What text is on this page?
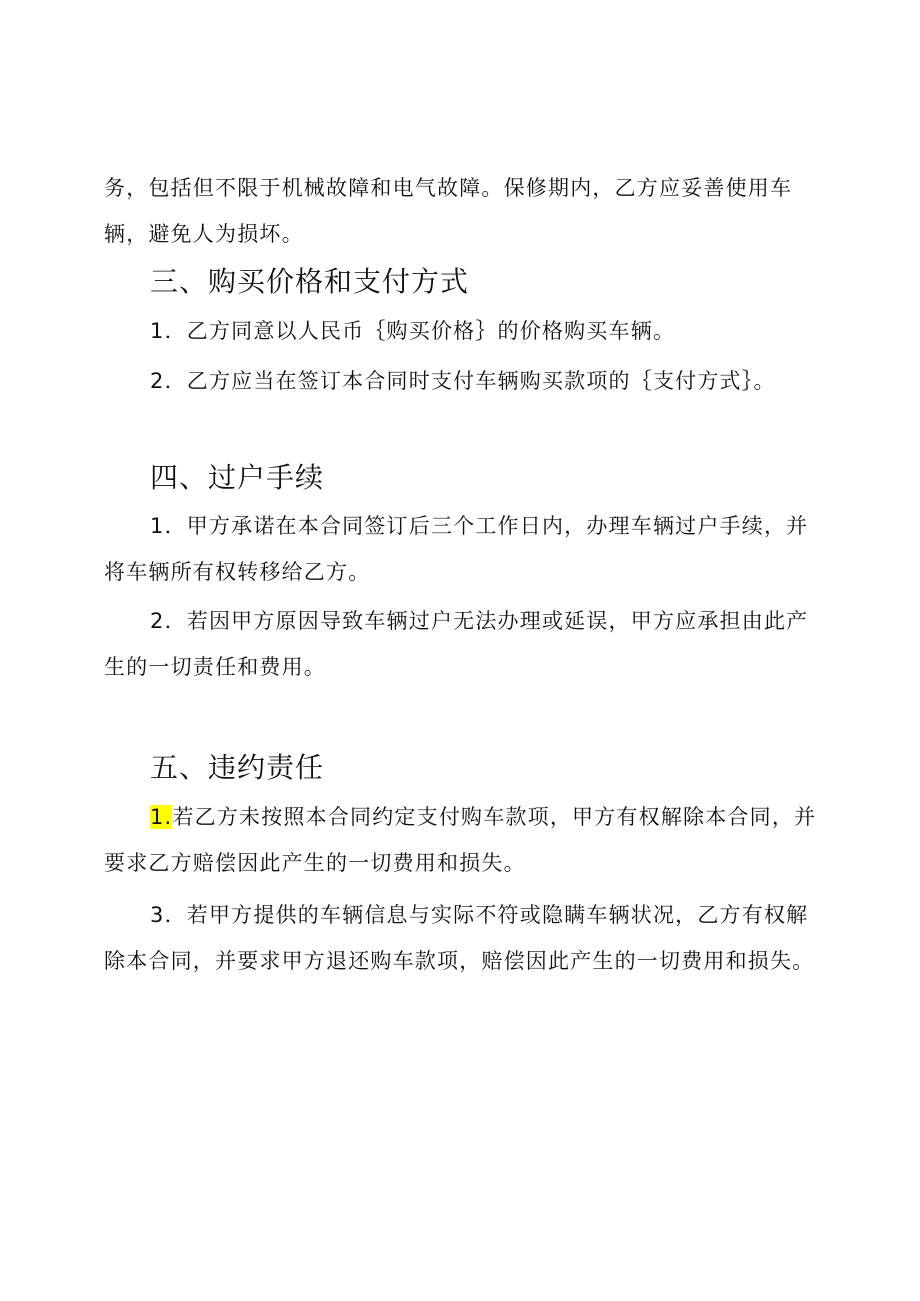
务，包括但不限于机械故障和电气故障。保修期内，乙方应妥善使用车辆，避免人为损坏。

三、购买价格和支付方式

1．乙方同意以人民币｛购买价格｝的价格购买车辆。

2．乙方应当在签订本合同时支付车辆购买款项的｛支付方式｝。

四、过户手续

1．甲方承诺在本合同签订后三个工作日内，办理车辆过户手续，并将车辆所有权转移给乙方。

2．若因甲方原因导致车辆过户无法办理或延误，甲方应承担由此产生的一切责任和费用。

五、违约责任

1.若乙方未按照本合同约定支付购车款项，甲方有权解除本合同，并要求乙方赔偿因此产生的一切费用和损失。

3．若甲方提供的车辆信息与实际不符或隐瞒车辆状况，乙方有权解除本合同，并要求甲方退还购车款项，赔偿因此产生的一切费用和损失。
